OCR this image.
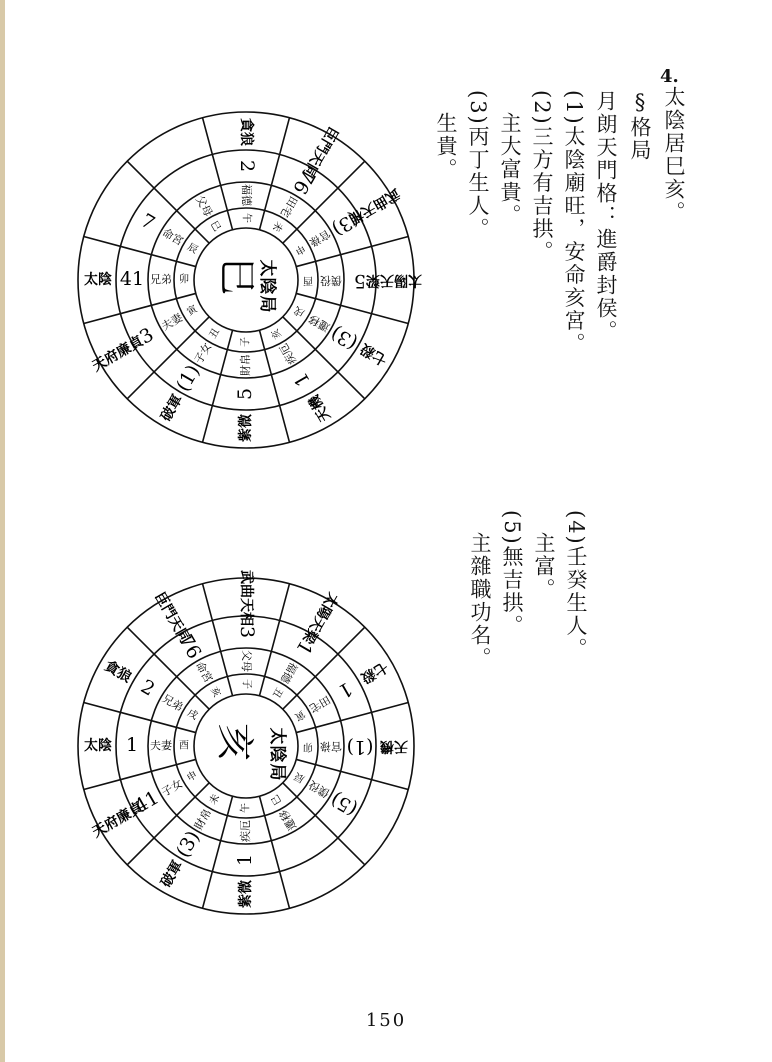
4.
太陰居巳亥。
§格局
月朗天門格：進爵封侯。
(1)太陰廟旺，安命亥宮。
(2)三方有吉拱。
主大富貴。
(3)丙丁生人。
生貴。
(4)壬癸生人。
主富。
(5)無吉拱。
主雜職功名。
太
陰
巳
局
午
未
申
酉
戌
亥
子
丑
寅
卯
辰
巳
福德 田宅
官祿
僕役
遷移
疾厄
財帛
子女
夫妻
兄弟
命宮
父母
2 76
(3)
5
(3)
1
5
(1)
3
41
7
貪狼	巨門天同
武曲天相
太陽天梁
七殺
天機
紫微
破軍
天府廉貞
太陰
太
陰
亥
局
午
未
申
酉
戌
亥
子
丑
寅
卯
辰
巳
疾厄
財帛
子女
夫妻
兄弟
命宮 父母 福德
田宅
官祿
僕役
遷移
1
(3)
41
1
2
76 3
1
1
(1)
(5)
紫微
破軍
天府廉貞
太陰
貪狼
巨門天同	武曲天相	太陽天梁
七殺
天機
150
